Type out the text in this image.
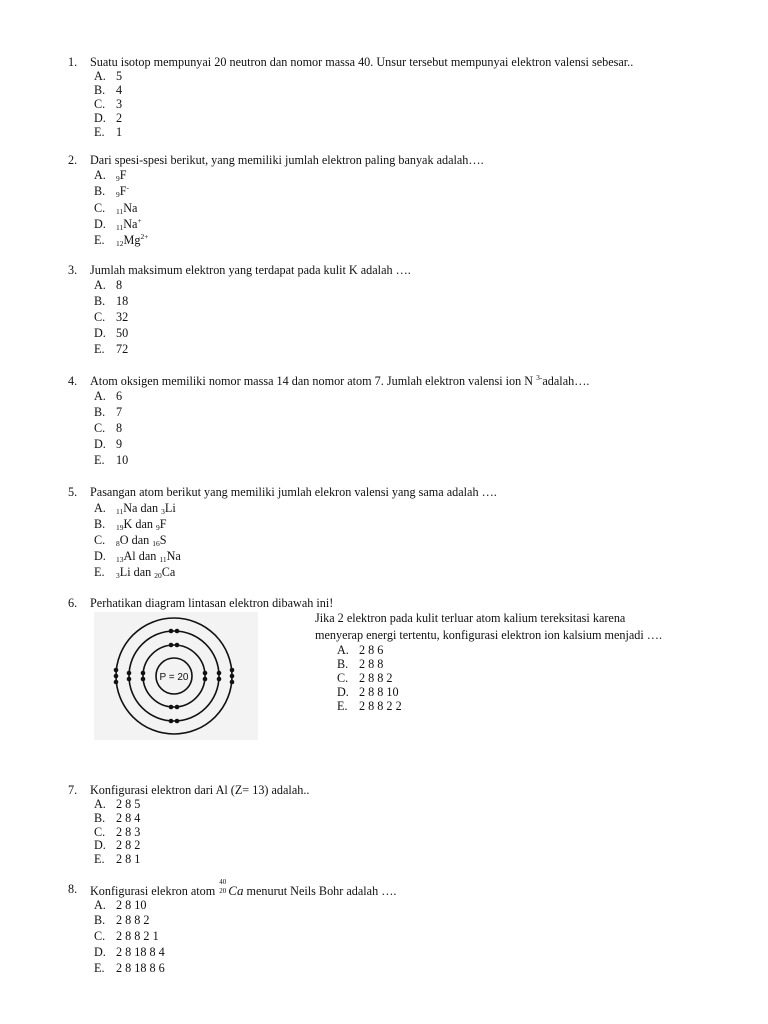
1. Suatu isotop mempunyai 20 neutron dan nomor massa 40. Unsur tersebut mempunyai elektron valensi sebesar..
A. 5
B. 4
C. 3
D. 2
E. 1
2. Dari spesi-spesi berikut, yang memiliki jumlah elektron paling banyak adalah….
A. 9F
B. 9F-
C. 11Na
D. 11Na+
E. $12Mg^{2+}$
3. Jumlah maksimum elektron yang terdapat pada kulit K adalah ….
A. 8
B. 18
C. 32
D. 50
E. 72
4. Atom oksigen memiliki nomor massa 14 dan nomor atom 7. Jumlah elektron valensi ion N $^{3-}$adalah….
A. 6
B. 7
C. 8
D. 9
E. 10
5. Pasangan atom berikut yang memiliki jumlah elekron valensi yang sama adalah ….
A. 11Na dan 3Li
B. 19K dan 9F
C. 8O dan 16S
D. 13Al dan 11Na
E. 3Li dan 20Ca
6. Perhatikan diagram lintasan elektron dibawah ini!
P = 20
Jika 2 elektron pada kulit terluar atom kalium tereksitasi karena
menyerap energi tertentu, konfigurasi elektron ion kalsium menjadi ….
A. 2 8 6
B. 2 8 8
C. 2 8 8 2
D. 2 8 8 10
E. 2 8 8 2 2
7. Konfigurasi elektron dari Al (Z= 13) adalah..
A. 2 8 5
B. 2 8 4
C. 2 8 3
D. 2 8 2
E. 2 8 1
8. Konfigurasi elekron atom
40
20 Ca menurut Neils Bohr adalah ….
A. 2 8 10
B. 2 8 8 2
C. 2 8 8 2 1
D. 2 8 18 8 4
E. 2 8 18 8 6
